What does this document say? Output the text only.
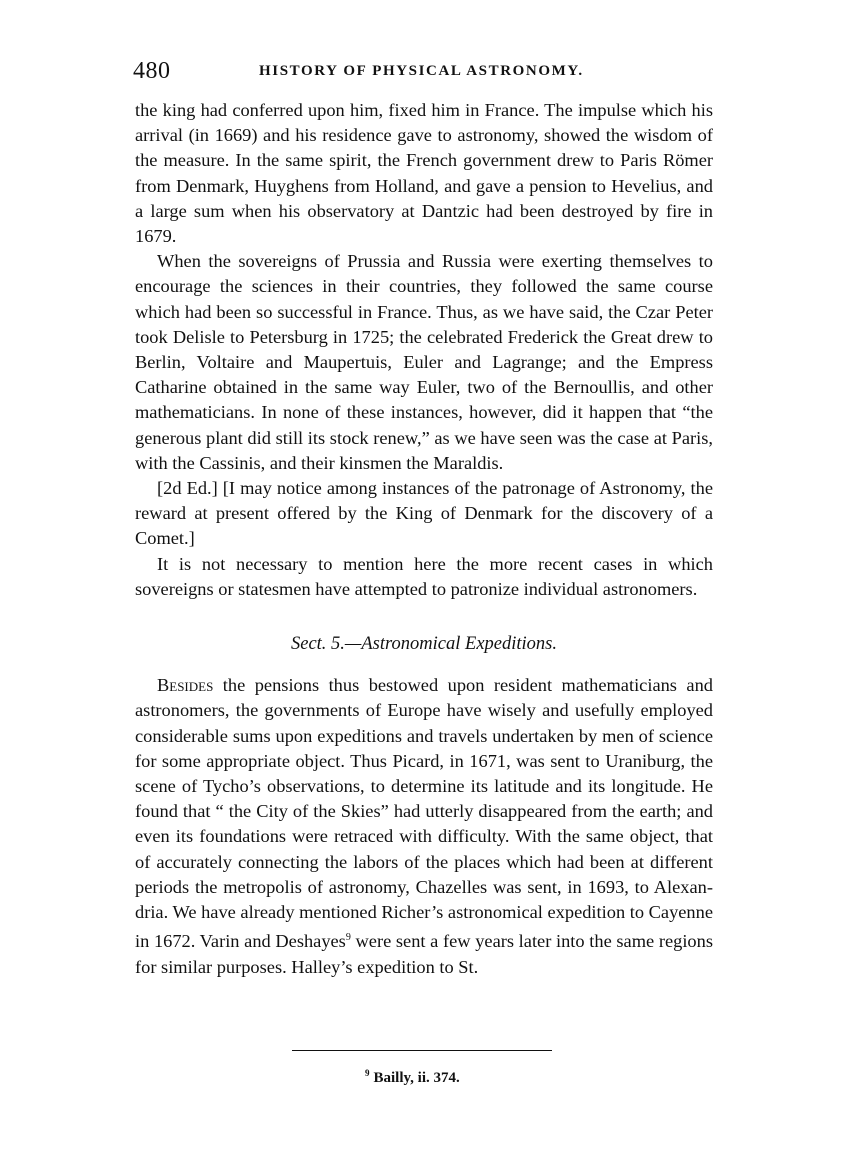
480	HISTORY OF PHYSICAL ASTRONOMY.

the king had conferred upon him, fixed him in France. The impulse which his arrival (in 1669) and his residence gave to astronomy, showed the wisdom of the measure. In the same spirit, the French government drew to Paris Römer from Denmark, Huyghens from Holland, and gave a pension to Hevelius, and a large sum when his observatory at Dantzic had been destroyed by fire in 1679.

When the sovereigns of Prussia and Russia were exerting themselves to encourage the sciences in their countries, they followed the same course which had been so successful in France. Thus, as we have said, the Czar Peter took Delisle to Petersburg in 1725; the celebrated Frederick the Great drew to Berlin, Voltaire and Maupertuis, Euler and Lagrange; and the Empress Catharine obtained in the same way Euler, two of the Bernoullis, and other mathematicians. In none of these instances, however, did it happen that “the generous plant did still its stock renew,” as we have seen was the case at Paris, with the Cassinis, and their kinsmen the Maraldis.

[2d Ed.] [I may notice among instances of the patronage of Astronomy, the reward at present offered by the King of Denmark for the discovery of a Comet.]

It is not necessary to mention here the more recent cases in which sovereigns or statesmen have attempted to patronize individual astronomers.

Sect. 5.—Astronomical Expeditions.

Besides the pensions thus bestowed upon resident mathematicians and astronomers, the governments of Europe have wisely and usefully employed considerable sums upon expeditions and travels undertaken by men of science for some appropriate object. Thus Picard, in 1671, was sent to Uraniburg, the scene of Tycho’s observations, to determine its latitude and its longitude. He found that “ the City of the Skies” had utterly disappeared from the earth; and even its foundations were retraced with difficulty. With the same object, that of accurately connecting the labors of the places which had been at different periods the metropolis of astronomy, Chazelles was sent, in 1693, to Alexandria. We have already mentioned Richer’s astronomical expedition to Cayenne in 1672. Varin and Deshayes$^9$ were sent a few years later into the same regions for similar purposes. Halley’s expedition to St.

$^9$ Bailly, ii. 374.
